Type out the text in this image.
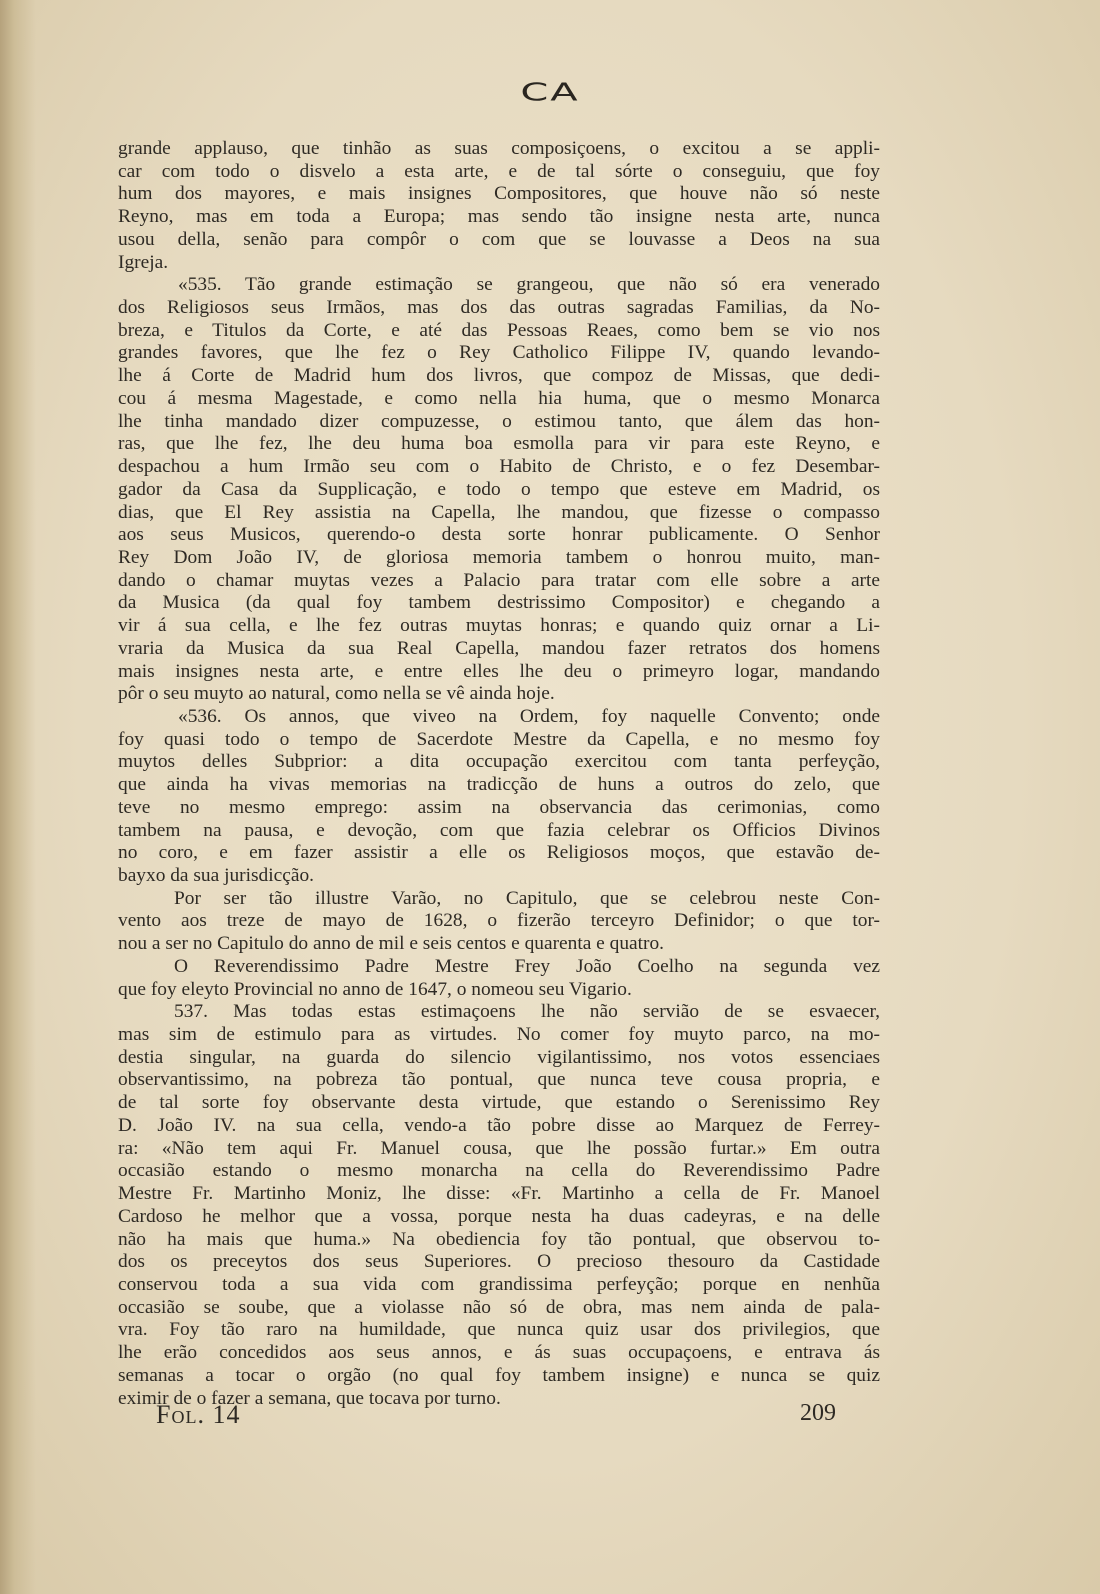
CA
grande applauso, que tinhão as suas composiçoens, o excitou a se appli-
car com todo o disvelo a esta arte, e de tal sórte o conseguiu, que foy
hum dos mayores, e mais insignes Compositores, que houve não só neste
Reyno, mas em toda a Europa; mas sendo tão insigne nesta arte, nunca
usou della, senão para compôr o com que se louvasse a Deos na sua
Igreja.
«535. Tão grande estimação se grangeou, que não só era venerado
dos Religiosos seus Irmãos, mas dos das outras sagradas Familias, da No-
breza, e Titulos da Corte, e até das Pessoas Reaes, como bem se vio nos
grandes favores, que lhe fez o Rey Catholico Filippe IV, quando levando-
lhe á Corte de Madrid hum dos livros, que compoz de Missas, que dedi-
cou á mesma Magestade, e como nella hia huma, que o mesmo Monarca
lhe tinha mandado dizer compuzesse, o estimou tanto, que álem das hon-
ras, que lhe fez, lhe deu huma boa esmolla para vir para este Reyno, e
despachou a hum Irmão seu com o Habito de Christo, e o fez Desembar-
gador da Casa da Supplicação, e todo o tempo que esteve em Madrid, os
dias, que El Rey assistia na Capella, lhe mandou, que fizesse o compasso
aos seus Musicos, querendo-o desta sorte honrar publicamente. O Senhor
Rey Dom João IV, de gloriosa memoria tambem o honrou muito, man-
dando o chamar muytas vezes a Palacio para tratar com elle sobre a arte
da Musica (da qual foy tambem destrissimo Compositor) e chegando a
vir á sua cella, e lhe fez outras muytas honras; e quando quiz ornar a Li-
vraria da Musica da sua Real Capella, mandou fazer retratos dos homens
mais insignes nesta arte, e entre elles lhe deu o primeyro logar, mandando
pôr o seu muyto ao natural, como nella se vê ainda hoje.
«536. Os annos, que viveo na Ordem, foy naquelle Convento; onde
foy quasi todo o tempo de Sacerdote Mestre da Capella, e no mesmo foy
muytos delles Subprior: a dita occupação exercitou com tanta perfeyção,
que ainda ha vivas memorias na tradicção de huns a outros do zelo, que
teve no mesmo emprego: assim na observancia das cerimonias, como
tambem na pausa, e devoção, com que fazia celebrar os Officios Divinos
no coro, e em fazer assistir a elle os Religiosos moços, que estavão de-
bayxo da sua jurisdicção.
Por ser tão illustre Varão, no Capitulo, que se celebrou neste Con-
vento aos treze de mayo de 1628, o fizerão terceyro Definidor; o que tor-
nou a ser no Capitulo do anno de mil e seis centos e quarenta e quatro.
O Reverendissimo Padre Mestre Frey João Coelho na segunda vez
que foy eleyto Provincial no anno de 1647, o nomeou seu Vigario.
537. Mas todas estas estimaçoens lhe não servião de se esvaecer,
mas sim de estimulo para as virtudes. No comer foy muyto parco, na mo-
destia singular, na guarda do silencio vigilantissimo, nos votos essenciaes
observantissimo, na pobreza tão pontual, que nunca teve cousa propria, e
de tal sorte foy observante desta virtude, que estando o Serenissimo Rey
D. João IV. na sua cella, vendo-a tão pobre disse ao Marquez de Ferrey-
ra: «Não tem aqui Fr. Manuel cousa, que lhe possão furtar.» Em outra
occasião estando o mesmo monarcha na cella do Reverendissimo Padre
Mestre Fr. Martinho Moniz, lhe disse: «Fr. Martinho a cella de Fr. Manoel
Cardoso he melhor que a vossa, porque nesta ha duas cadeyras, e na delle
não ha mais que huma.» Na obediencia foy tão pontual, que observou to-
dos os preceytos dos seus Superiores. O precioso thesouro da Castidade
conservou toda a sua vida com grandissima perfeyção; porque en nenhũa
occasião se soube, que a violasse não só de obra, mas nem ainda de pala-
vra. Foy tão raro na humildade, que nunca quiz usar dos privilegios, que
lhe erão concedidos aos seus annos, e ás suas occupaçoens, e entrava ás
semanas a tocar o orgão (no qual foy tambem insigne) e nunca se quiz
eximir de o fazer a semana, que tocava por turno.
Fol. 14	209
